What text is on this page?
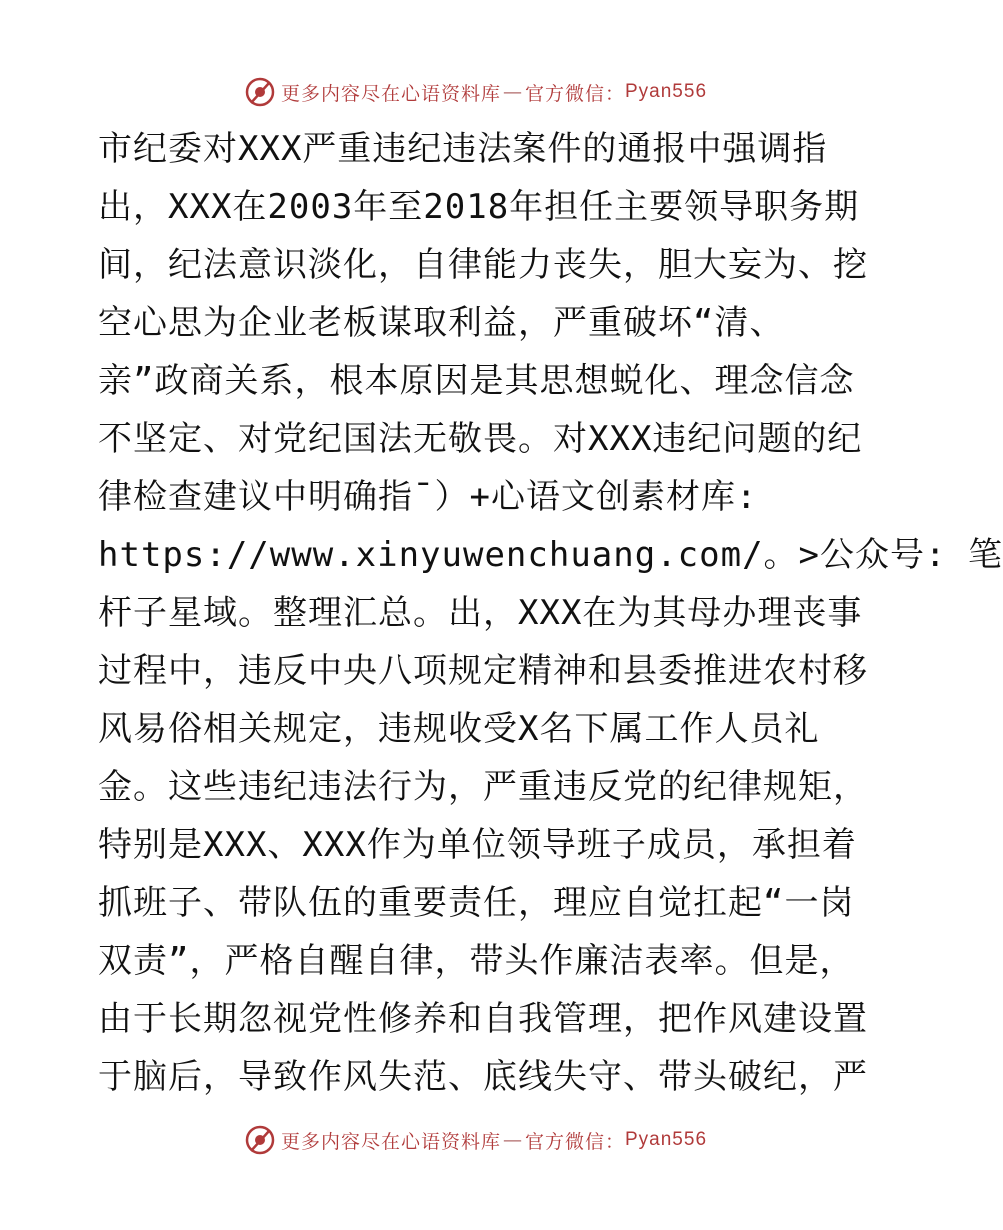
更多内容尽在心语资料库 — 官方微信： Pyan556
市纪委对XXX严重违纪违法案件的通报中强调指
出，XXX在2003年至2018年担任主要领导职务期
间，纪法意识淡化，自律能力丧失，胆大妄为、挖
空心思为企业老板谋取利益，严重破坏“清、
亲”政商关系，根本原因是其思想蜕化、理念信念
不坚定、对党纪国法无敬畏。对XXX违纪问题的纪
律检查建议中明确指¯）+心语文创素材库:
https://www.xinyuwenchuang.com/。>公众号: 笔
杆子星域。整理汇总。出，XXX在为其母办理丧事
过程中，违反中央八项规定精神和县委推进农村移
风易俗相关规定，违规收受X名下属工作人员礼
金。这些违纪违法行为，严重违反党的纪律规矩，
特别是XXX、XXX作为单位领导班子成员，承担着
抓班子、带队伍的重要责任，理应自觉扛起“一岗
双责”，严格自醒自律，带头作廉洁表率。但是，
由于长期忽视党性修养和自我管理，把作风建设置
于脑后，导致作风失范、底线失守、带头破纪，严
更多内容尽在心语资料库 — 官方微信： Pyan556
